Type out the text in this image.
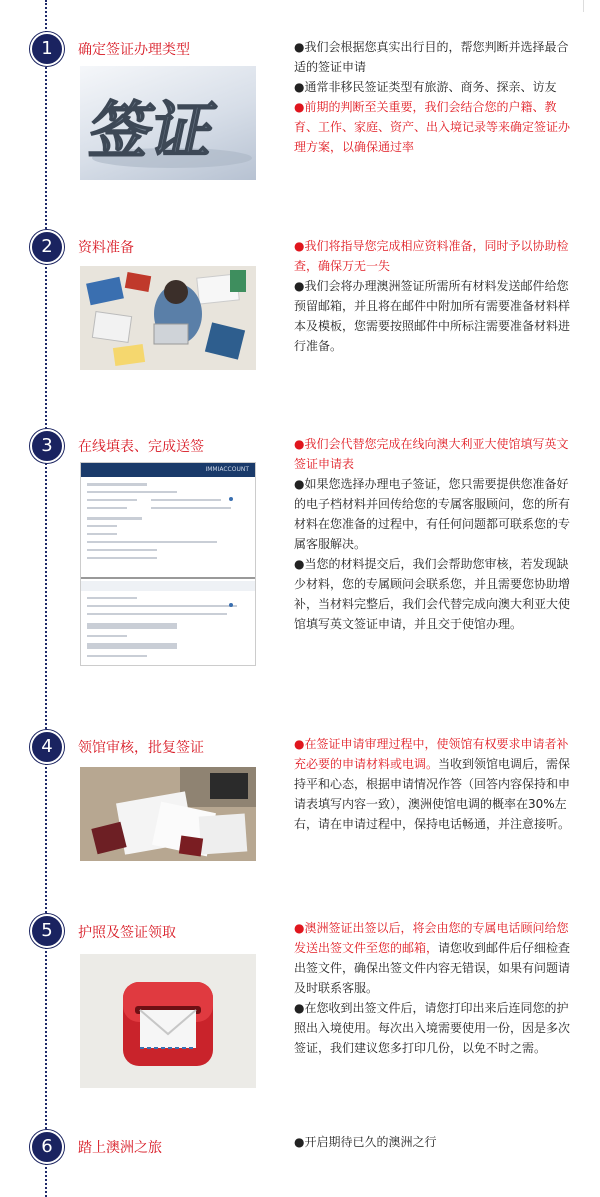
1	确定签证办理类型
签证

●我们会根据您真实出行目的，帮您判断并选择最合适的签证申请

●通常非移民签证类型有旅游、商务、探亲、访友

●前期的判断至关重要，我们会结合您的户籍、教育、工作、家庭、资产、出入境记录等来确定签证办理方案，以确保通过率

2	资料准备	●我们将指导您完成相应资料准备，同时予以协助检查，确保万无一失

●我们会将办理澳洲签证所需所有材料发送邮件给您预留邮箱，并且将在邮件中附加所有需要准备材料样本及模板，您需要按照邮件中所标注需要准备材料进行准备。

3	在线填表、完成送签
IMMIACCOUNT

●我们会代替您完成在线向澳大利亚大使馆填写英文签证申请表

●如果您选择办理电子签证，您只需要提供您准备好的电子档材料并回传给您的专属客服顾问，您的所有材料在您准备的过程中，有任何问题都可联系您的专属客服解决。

●当您的材料提交后，我们会帮助您审核，若发现缺少材料，您的专属顾问会联系您，并且需要您协助增补，当材料完整后，我们会代替完成向澳大利亚大使馆填写英文签证申请，并且交于使馆办理。

4	领馆审核，批复签证	●在签证申请审理过程中，使领馆有权要求申请者补充必要的申请材料或电调。当收到领馆电调后，需保持平和心态，根据申请情况作答（回答内容保持和申请表填写内容一致），澳洲使馆电调的概率在30%左右，请在申请过程中，保持电话畅通，并注意接听。

5	护照及签证领取	●澳洲签证出签以后，将会由您的专属电话顾问给您发送出签文件至您的邮箱，请您收到邮件后仔细检查出签文件，确保出签文件内容无错误，如果有问题请及时联系客服。

●在您收到出签文件后，请您打印出来后连同您的护照出入境使用。每次出入境需要使用一份，因是多次签证，我们建议您多打印几份，以免不时之需。

6	踏上澳洲之旅	●开启期待已久的澳洲之行
